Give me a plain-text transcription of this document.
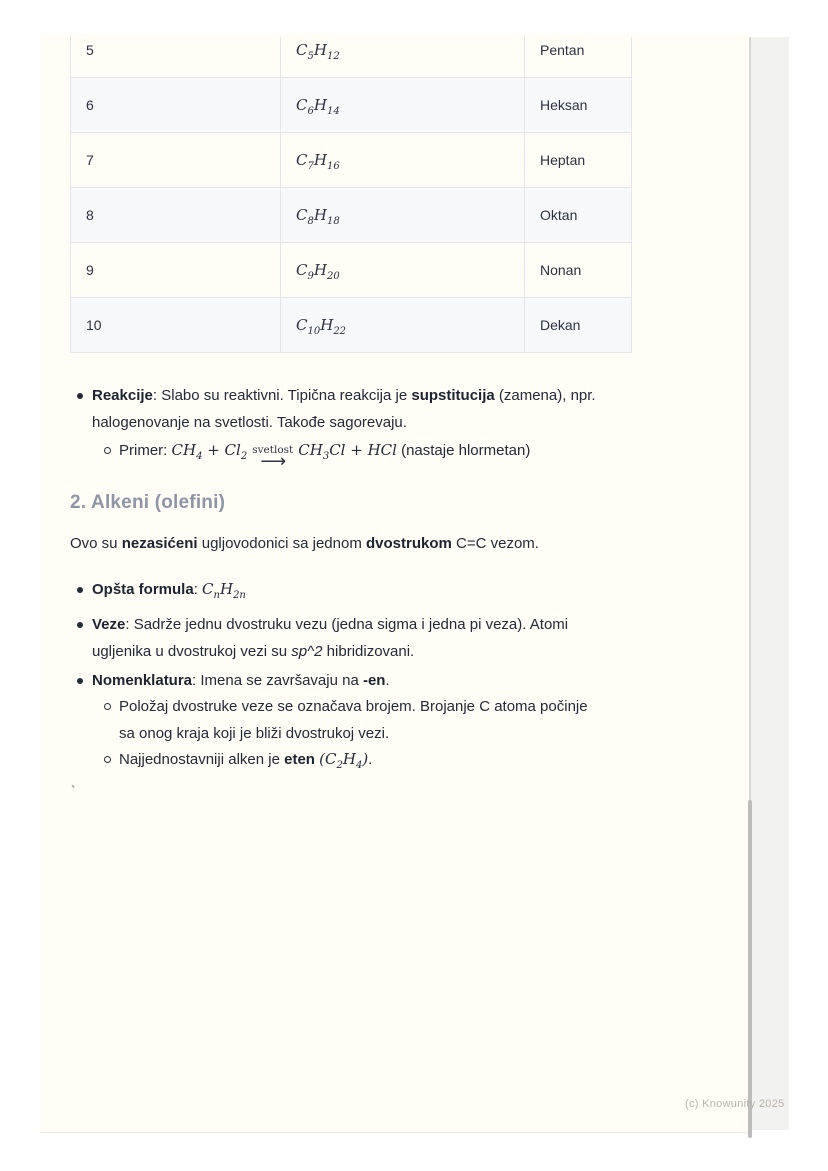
5	$C_5H_{12}$	Pentan
6	$C_6H_{14}$	Heksan
7	$C_7H_{16}$	Heptan
8	$C_8H_{18}$	Oktan
9	$C_9H_{20}$	Nonan
10	$C_{10}H_{22}$	Dekan
Reakcije: Slabo su reaktivni. Tipična reakcija je supstitucija (zamena), npr.
halogenovanje na svetlosti. Takođe sagorevaju.
Primer: $CH_4 + Cl_2$
svetlost
⟶
$CH_3Cl$ + HCl (nastaje hlormetan)
2. Alkeni (olefini)
Ovo su nezasićeni ugljovodonici sa jednom dvostrukom C=C vezom.
Opšta formula: $C_nH_{2n}$
Veze: Sadrže jednu dvostruku vezu (jedna sigma i jedna pi veza). Atomi
ugljenika u dvostrukoj vezi su sp^2 hibridizovani.
Nomenklatura: Imena se završavaju na -en.
Položaj dvostruke veze se označava brojem. Brojanje C atoma počinje
sa onog kraja koji je bliži dvostrukoj vezi.
Najjednostavniji alken je eten $(C_2H_4)$.
`
(c) Knowunity 2025
